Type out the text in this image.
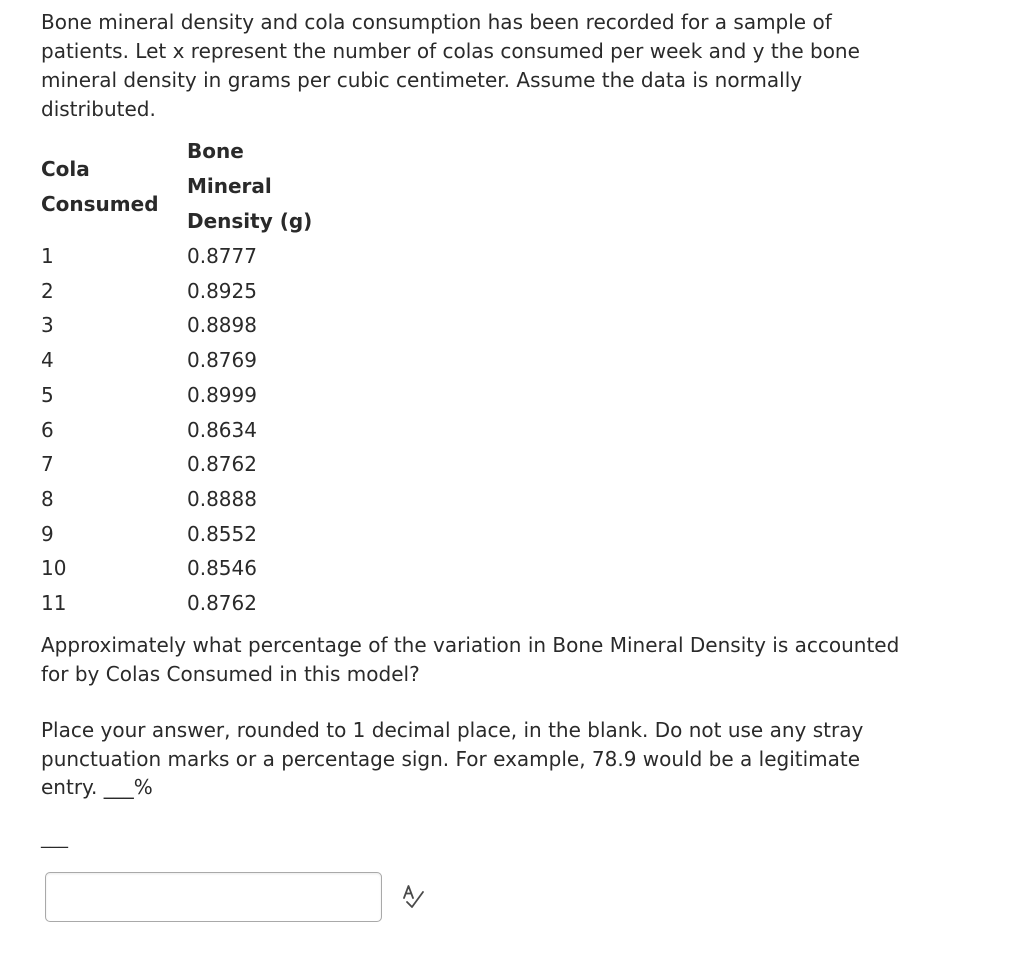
Bone mineral density and cola consumption has been recorded for a sample of patients. Let x represent the number of colas consumed per week and y the bone mineral density in grams per cubic centimeter. Assume the data is normally distributed.

Cola
Consumed	Bone
Mineral
Density (g)

1	0.8777
2	0.8925
3	0.8898
4	0.8769
5	0.8999
6	0.8634
7	0.8762
8	0.8888
9	0.8552
10	0.8546
11	0.8762

Approximately what percentage of the variation in Bone Mineral Density is accounted for by Colas Consumed in this model?

Place your answer, rounded to 1 decimal place, in the blank. Do not use any stray punctuation marks or a percentage sign. For example, 78.9 would be a legitimate entry. ___%

___
